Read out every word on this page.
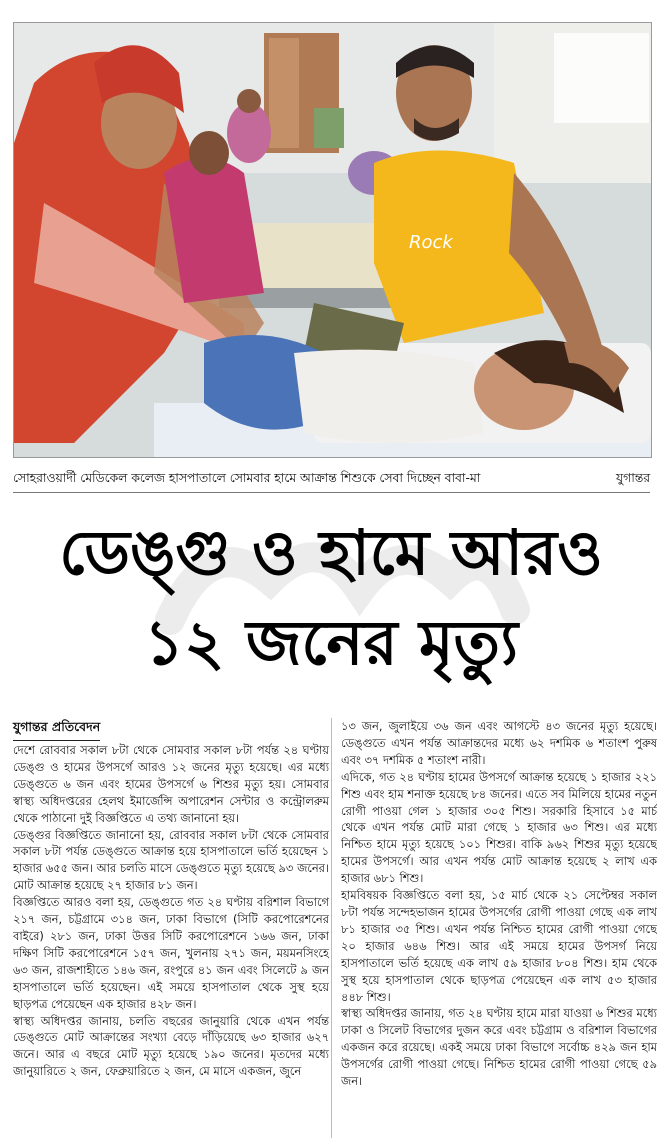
Rock
সোহরাওয়ার্দী মেডিকেল কলেজ হাসপাতালে সোমবার হামে আক্রান্ত শিশুকে সেবা দিচ্ছেন বাবা-মা	যুগান্তর
ডেঙ্গু ও হামে আরও
১২ জনের মৃত্যু
যুগান্তর প্রতিবেদন

দেশে রোববার সকাল ৮টা থেকে সোমবার সকাল ৮টা পর্যন্ত ২৪ ঘণ্টায় ডেঙ্গু ও হামের উপসর্গে আরও ১২ জনের মৃত্যু হয়েছে। এর মধ্যে ডেঙ্গুতে ৬ জন এবং হামের উপসর্গে ৬ শিশুর মৃত্যু হয়। সোমবার স্বাস্থ্য অধিদপ্তরের হেলথ ইমার্জেন্সি অপারেশন সেন্টার ও কন্ট্রোলরুম থেকে পাঠানো দুই বিজ্ঞপ্তিতে এ তথ্য জানানো হয়।

ডেঙ্গুর বিজ্ঞপ্তিতে জানানো হয়, রোববার সকাল ৮টা থেকে সোমবার সকাল ৮টা পর্যন্ত ডেঙ্গুতে আক্রান্ত হয়ে হাসপাতালে ভর্তি হয়েছেন ১ হাজার ৬৫৫ জন। আর চলতি মাসে ডেঙ্গুতে মৃত্যু হয়েছে ৯৩ জনের। মোট আক্রান্ত হয়েছে ২৭ হাজার ৮১ জন।

বিজ্ঞপ্তিতে আরও বলা হয়, ডেঙ্গুতে গত ২৪ ঘণ্টায় বরিশাল বিভাগে ২১৭ জন, চট্টগ্রামে ৩১৪ জন, ঢাকা বিভাগে (সিটি করপোরেশনের বাইরে) ২৮১ জন, ঢাকা উত্তর সিটি করপোরেশনে ১৬৬ জন, ঢাকা দক্ষিণ সিটি করপোরেশনে ১৫৭ জন, খুলনায় ২৭১ জন, ময়মনসিংহে ৬৩ জন, রাজশাহীতে ১৪৬ জন, রংপুরে ৪১ জন এবং সিলেটে ৯ জন হাসপাতালে ভর্তি হয়েছেন। এই সময়ে হাসপাতাল থেকে সুস্থ হয়ে ছাড়পত্র পেয়েছেন এক হাজার ৪২৮ জন।

স্বাস্থ্য অধিদপ্তর জানায়, চলতি বছরের জানুয়ারি থেকে এখন পর্যন্ত ডেঙ্গুতে মোট আক্রান্তের সংখ্যা বেড়ে দাঁড়িয়েছে ৬৩ হাজার ৬২৭ জনে। আর এ বছরে মোট মৃত্যু হয়েছে ১৯০ জনের। মৃতদের মধ্যে জানুয়ারিতে ২ জন, ফেব্রুয়ারিতে ২ জন, মে মাসে একজন, জুনে

১৩ জন, জুলাইয়ে ৩৬ জন এবং আগস্টে ৪৩ জনের মৃত্যু হয়েছে। ডেঙ্গুতে এখন পর্যন্ত আক্রান্তদের মধ্যে ৬২ দশমিক ৬ শতাংশ পুরুষ এবং ৩৭ দশমিক ৫ শতাংশ নারী।

এদিকে, গত ২৪ ঘণ্টায় হামের উপসর্গে আক্রান্ত হয়েছে ১ হাজার ২২১ শিশু এবং হাম শনাক্ত হয়েছে ৮৪ জনের। এতে সব মিলিয়ে হামের নতুন রোগী পাওয়া গেল ১ হাজার ৩০৫ শিশু। সরকারি হিসাবে ১৫ মার্চ থেকে এখন পর্যন্ত মোট মারা গেছে ১ হাজার ৬৩ শিশু। এর মধ্যে নিশ্চিত হামে মৃত্যু হয়েছে ১০১ শিশুর। বাকি ৯৬২ শিশুর মৃত্যু হয়েছে হামের উপসর্গে। আর এখন পর্যন্ত মোট আক্রান্ত হয়েছে ২ লাখ এক হাজার ৬৮১ শিশু।

হামবিষয়ক বিজ্ঞপ্তিতে বলা হয়, ১৫ মার্চ থেকে ২১ সেপ্টেম্বর সকাল ৮টা পর্যন্ত সন্দেহভাজন হামের উপসর্গের রোগী পাওয়া গেছে এক লাখ ৮১ হাজার ৩৫ শিশু। এখন পর্যন্ত নিশ্চিত হামের রোগী পাওয়া গেছে ২০ হাজার ৬৪৬ শিশু। আর এই সময়ে হামের উপসর্গ নিয়ে হাসপাতালে ভর্তি হয়েছে এক লাখ ৫৯ হাজার ৮০৪ শিশু। হাম থেকে সুস্থ হয়ে হাসপাতাল থেকে ছাড়পত্র পেয়েছেন এক লাখ ৫৩ হাজার ৪৪৮ শিশু।

স্বাস্থ্য অধিদপ্তর জানায়, গত ২৪ ঘণ্টায় হামে মারা যাওয়া ৬ শিশুর মধ্যে ঢাকা ও সিলেট বিভাগের দুজন করে এবং চট্টগ্রাম ও বরিশাল বিভাগের একজন করে রয়েছে। একই সময়ে ঢাকা বিভাগে সর্বোচ্চ ৪২৯ জন হাম উপসর্গের রোগী পাওয়া গেছে। নিশ্চিত হামের রোগী পাওয়া গেছে ৫৯ জন।
